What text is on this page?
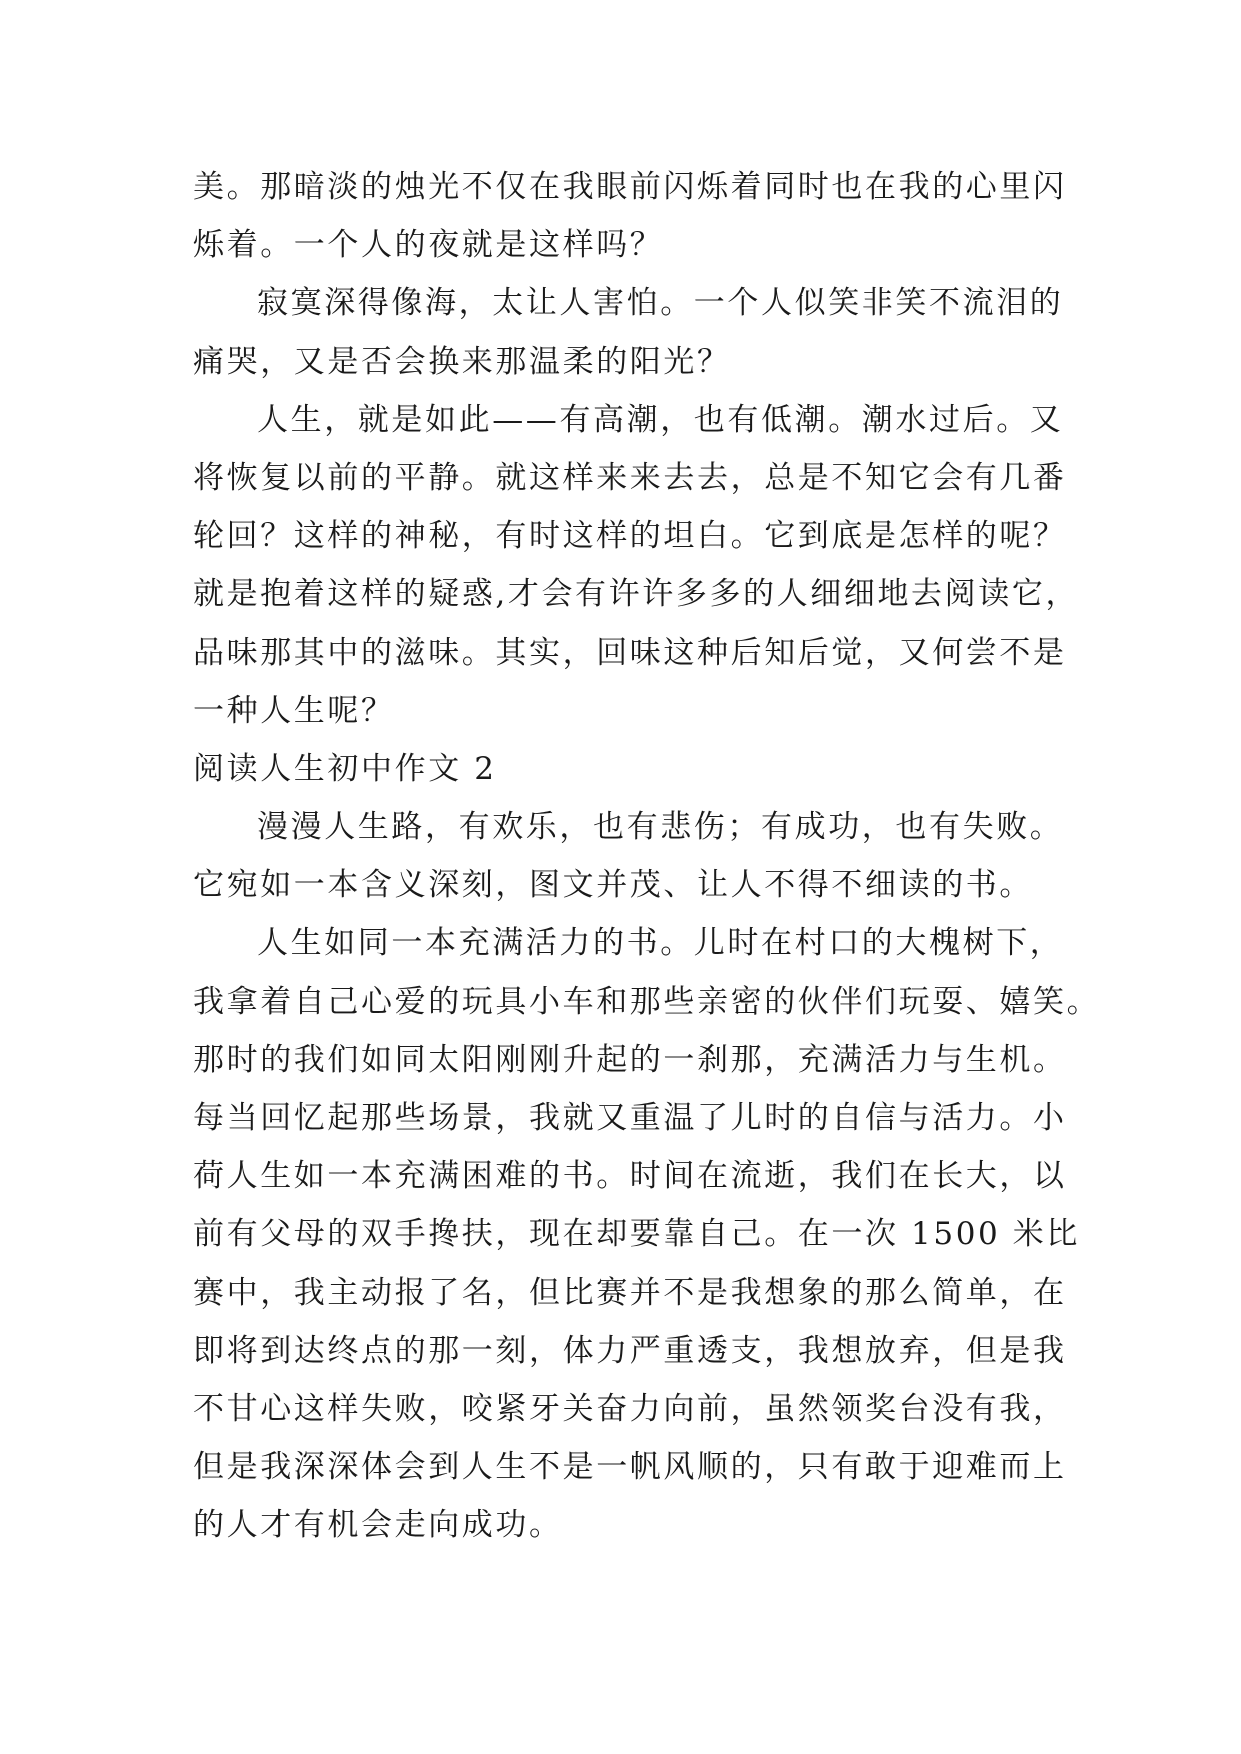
美。那暗淡的烛光不仅在我眼前闪烁着同时也在我的心里闪
烁着。一个人的夜就是这样吗？
寂寞深得像海，太让人害怕。一个人似笑非笑不流泪的
痛哭，又是否会换来那温柔的阳光？
人生，就是如此——有高潮，也有低潮。潮水过后。又
将恢复以前的平静。就这样来来去去，总是不知它会有几番
轮回？这样的神秘，有时这样的坦白。它到底是怎样的呢？
就是抱着这样的疑惑,才会有许许多多的人细细地去阅读它，
品味那其中的滋味。其实，回味这种后知后觉，又何尝不是
一种人生呢？
阅读人生初中作文 2
漫漫人生路，有欢乐，也有悲伤；有成功，也有失败。
它宛如一本含义深刻，图文并茂、让人不得不细读的书。
人生如同一本充满活力的书。儿时在村口的大槐树下，
我拿着自己心爱的玩具小车和那些亲密的伙伴们玩耍、嬉笑。
那时的我们如同太阳刚刚升起的一刹那，充满活力与生机。
每当回忆起那些场景，我就又重温了儿时的自信与活力。小
荷人生如一本充满困难的书。时间在流逝，我们在长大，以
前有父母的双手搀扶，现在却要靠自己。在一次 1500 米比
赛中，我主动报了名，但比赛并不是我想象的那么简单，在
即将到达终点的那一刻，体力严重透支，我想放弃，但是我
不甘心这样失败，咬紧牙关奋力向前，虽然领奖台没有我，
但是我深深体会到人生不是一帆风顺的，只有敢于迎难而上
的人才有机会走向成功。
